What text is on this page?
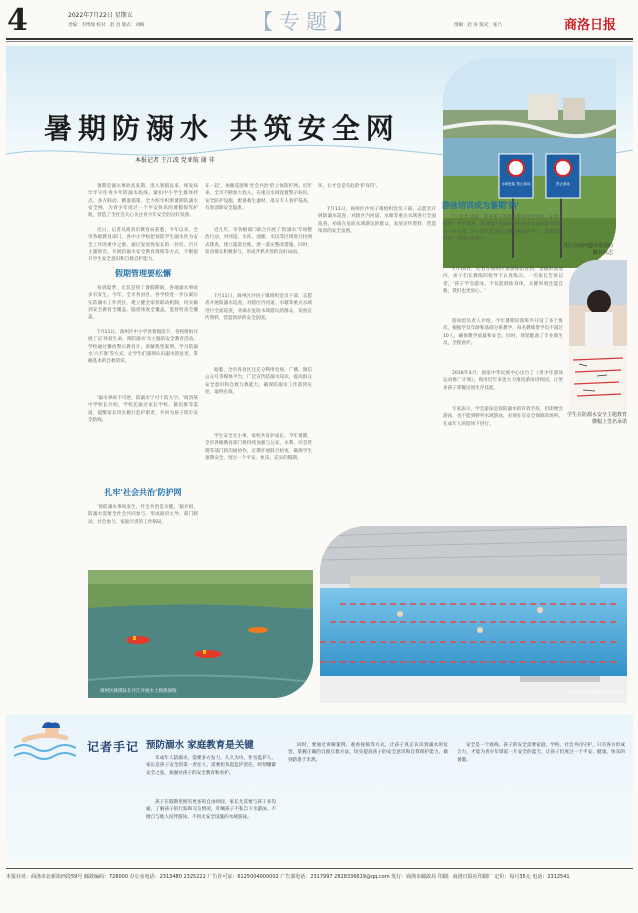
4	2022年7月22日 星期五
责编：李博瑞 校对：赵 昌 版式：刘畅	【专题】	组稿：赵 涛 版式：张乃	商洛日报
暑期防溺水 共筑安全网
本报记者 王江波 党亚航 谢 非
水深危险 禁止游泳	禁止游泳
丹江公园河道旁设置的醒目标志

暑期是溺水事故高发期。进入暑假以来，规发局牢牢守住青少年防溺水底线，紧扣中小学生群体特点，多方联动、精准施策，全力织牢织密暑期防溺水安全网，为青少年度过一个平安快乐的暑假保驾护航，营造了全社会关心关注青少年安全的良好氛围。

近日，记者从商洛市教育局获悉，今年以来，全市各级教育部门、各中小学校把预防学生溺水作为安全工作的重中之重，通过发放致家长的一封信、召开主题班会、开展防溺水安全教育演练等方式，不断提升学生安全意识和自救自护能力。

假期管理要松懈

每到夏季，尤其是到了暑假期间，各地溺水事故多有发生。今年，全市各县区、各学校进一步压紧压实防溺水工作责任，建立健全家校联动机制，切实做到安全教育全覆盖、隐患排查全覆盖、监督检查全覆盖。

7月11日，商州区中小学放暑假前夕，各校组织开展了以'珍爱生命、预防溺水'为主题的安全教育活动。学校通过播放警示教育片、讲解典型案例、学习防溺水'六不准'等方式，让学生们深刻认识溺水的危害，掌握基本的自救常识。

'溺水事故不可逆，防溺水宁可十防九空。'商洛某中学校长介绍，学校还通过家长学校、微信群等渠道，提醒家长切实履行监护职责，共同为孩子筑牢安全防线。

扎牢'社会共治'防护网

'预防溺水事故发生，社会共治是关键。'据介绍，防溺水需要全社会共同参与，形成政府主导、部门联动、社会参与、家庭尽责的工作格局。

在一起'，加强巡逻和'社会共治'的立体防护网。近年来，全市不断加大投入，在重点水域设置警示标识、安全防护设施，配备救生器材，落实专人看护巡查，有效消除安全隐患。

近几年，市各级部门联合开展了'防溺水'专项整治行动，对河道、水库、池塘、水坑等区域进行拉网式排查，建立隐患台账，逐一落实整改措施。同时，发动群众积极参与，形成齐抓共管的良好局面。

7月11日，商州区沙河子镇组织党员干部、志愿者开展防溺水巡查，对辖区内河道、水塘等重点水域进行全面巡查，劝离在危险水域游玩的群众，发放宣传资料，营造浓厚的安全氛围。

据悉，全市各县区还充分利用电视、广播、微信公众号等媒体平台，广泛宣传防溺水知识，提高群众安全意识和自救互救能力，确保防溺水工作落到实处、取得实效。

学生安全无小事，家校共育护成长。今年暑期，全市各级教育部门将持续加强与公安、水利、应急管理等部门的沟通协作，定期开展联合检查，确保学生暑期安全，度过一个平安、快乐、充实的假期。

环，让才会是有危险'护身符'。

游泳培训成为暑期'热'

''三伏天'来临，很多孩子选择去游泳馆学游泳。记者了解到，今年暑期，商洛城区各游泳馆的青少年游泳培训班报名十分火爆，不少家长希望孩子通过系统的学习，掌握游泳技能，增强自救能力。

7月10日，记者在商州区某游泳馆看到，宽敞的泳池内，孩子们在教练的指导下认真练习。一名家长告诉记者，'孩子学会游泳，不仅能锻炼身体，关键时刻还能自救，我们也更放心。'

游泳馆负责人介绍，今年暑期培训班共开设了多个班次，根据学员年龄和基础分班教学，每名教练带学员不超过10人，确保教学质量和安全。同时，场馆配备了专业救生员，全程看护。

2018年4月，国家中华民族中心出台了《青少年游泳运动推广计划》，商洛近年来也大力推进游泳进校园，让更多孩子掌握这项生存技能。

专家表示，学会游泳是预防溺水的有效手段，但即便会游泳，也不能到野外水域游泳，必须在有安全保障的场所，在成年人的陪同下进行。

7月11日，商州区沙河子镇组织党员干部、志愿者开展防溺水巡查，对辖区内河道、水塘等重点水域进行全面巡查，劝离在危险水域游玩的群众，发放宣传资料，营造浓厚的安全氛围。

学生在防溺水安全主题教育横幅上签名承诺
商州区救援队在丹江开展水上救援演练	孩子们在游泳馆内学习游泳
记者手记 预防溺水 家庭教育是关键

未成年人防溺水，需要多方发力、久久为功。作为监护人，家长是孩子安全的第一责任人，需要担负起监护责任，时刻绷紧安全之弦，加强对孩子的安全教育和看护。

孩子在假期里拥有更多的自由时间，家长尤其要与孩子多沟通，了解孩子的行踪和交友情况，叮嘱孩子不私自下水游泳、不擅自与他人结伴游泳、不到无安全设施的水域游泳。

同时，要通过讲解案例、观看视频等方式，让孩子真正认识到溺水的危害，掌握正确的自救互救方法，切实提高孩子的安全意识和自我保护能力，做到防患于未然。

安全是一个底线。孩子的安全需要家庭、学校、社会共同守护，只有各方形成合力，才能为青少年撑起一片安全的蓝天，让孩子们度过一个平安、健康、快乐的暑假。

本报社址：商洛市北新街西段59号 邮政编码：726000 办公室电话：2313480 2325222 广告许可证：6125004000002 广告部电话：2317997 2828336619@qq.com 发行：商洛市邮政局 印刷：商洛日报社印刷厂 定价：每月35元 电话：2312541
